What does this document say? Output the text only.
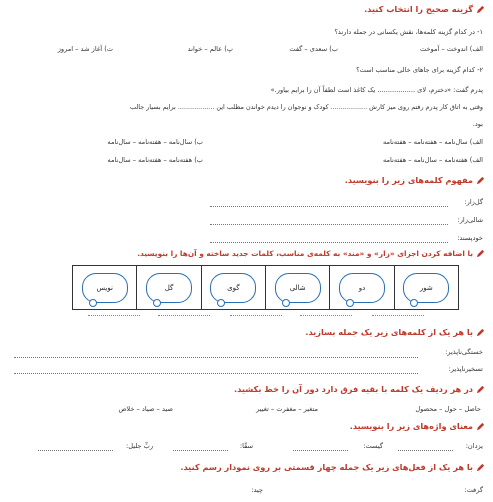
گزینه صحیح را انتخاب کنید.
۱- در کدام گزینه کلمه‌ها، نقش یکسانی در جمله دارند؟
الف) اندوخت – آموخت
ب) سعدی – گفت
پ) عالم – خواند
ت) آغاز شد – امروز
۲- کدام گزینه برای جاهای خالی مناسب است؟
پدرم گفت: «دخترم، لای .................. یک کاغذ است لطفاً آن را برایم بیاور.»
وقتی به اتاق کار پدرم رفتم روی میز کارش .................. کودک و نوجوان را دیدم خواندن مطلب این .................. برایم بسیار جالب
بود.
الف) سال‌نامه – هفته‌نامه – هفته‌نامه
ب) سال‌نامه – هفته‌نامه – سال‌نامه
الف) هفته‌نامه – سال‌نامه – هفته‌نامه
ب) هفته‌نامه – هفته‌نامه – سال‌نامه
مفهوم کلمه‌های زیر را بنویسید.
گل‌زار:
شالی‌زار:
خودپسند:
با اضافه کردن اجزای «زار» و «مند» به کلمه‌ی مناسب، کلمات جدید ساخته و آن‌ها را بنویسید.
شور
دو
شالی
گوی
گل
نویس
با هر یک از کلمه‌های زیر یک جمله بسازید.
خستگی‌ناپذیر:
تسخیرناپذیر:
در هر ردیف یک کلمه با بقیه فرق دارد دور آن را خط بکشید.
حاصل – حول – محصول
متغیر – مغفرت – تغییر
صید – صیاد – خلاص
معنای واژه‌های زیر را بنویسید.
یزدان:
گیست:
سقّا:
ربِّ جلیل:
با هر یک از فعل‌های زیر یک جمله چهار قسمتی بر روی نمودار رسم کنید.
گرفت:
چید:
